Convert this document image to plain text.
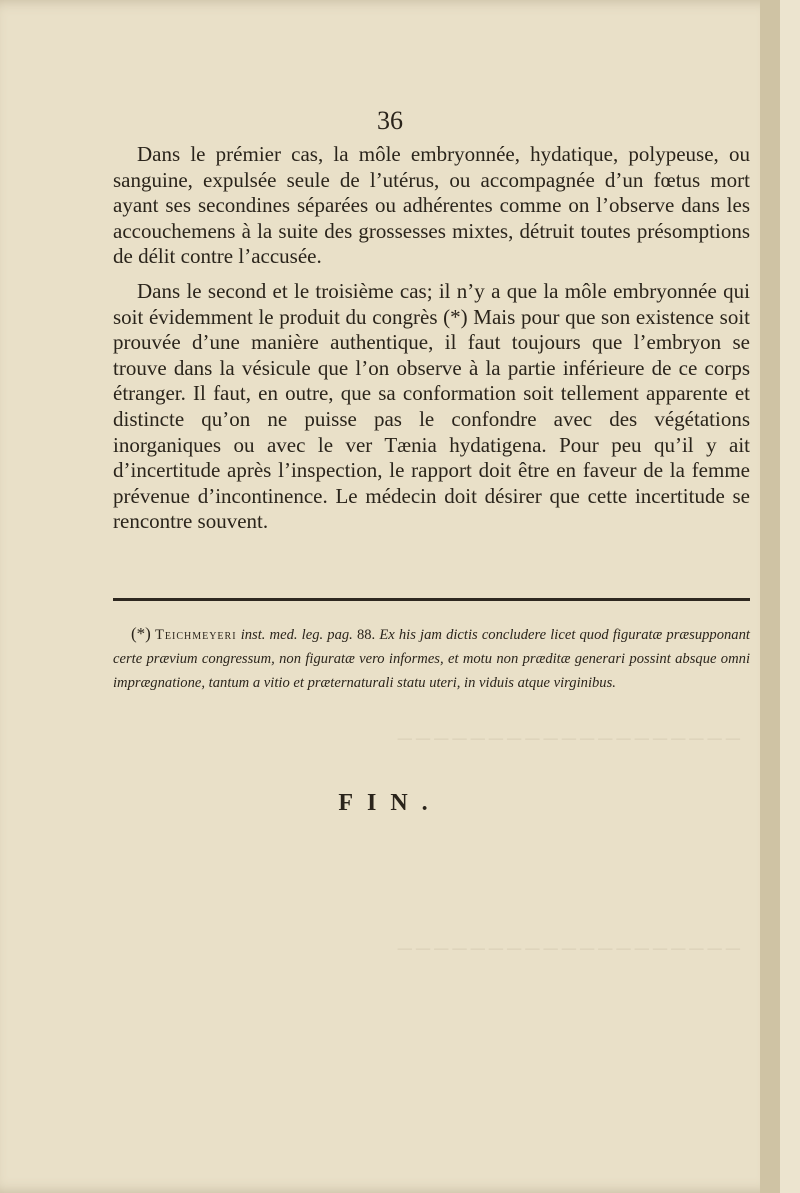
36

Dans le prémier cas, la môle embryonnée, hydatique, polypeuse, ou sanguine, expulsée seule de l’utérus, ou accompagnée d’un fœtus mort ayant ses secondines séparées ou adhérentes comme on l’observe dans les accouchemens à la suite des grossesses mixtes, détruit toutes présomptions de délit contre l’accusée.

Dans le second et le troisième cas; il n’y a que la môle embryonnée qui soit évidemment le produit du congrès (*) Mais pour que son existence soit prouvée d’une manière authentique, il faut toujours que l’embryon se trouve dans la vésicule que l’on observe à la partie inférieure de ce corps étranger. Il faut, en outre, que sa conformation soit tellement apparente et distincte qu’on ne puisse pas le confondre avec des végétations inorganiques ou avec le ver Tænia hydatigena. Pour peu qu’il y ait d’incertitude après l’inspection, le rapport doit être en faveur de la femme prévenue d’incontinence. Le médecin doit désirer que cette incertitude se rencontre souvent.

(*) Teichmeyeri inst. med. leg. pag. 88. Ex his jam dictis concludere licet quod figuratæ præsupponant certe prævium congressum, non figuratæ vero informes, et motu non præditæ generari possint absque omni imprægnatione, tantum a vitio et præternaturali statu uteri, in viduis atque virginibus.
FIN.
— — — — — — — — — — — — — — — — — — —
— — — — — — — — — — — — — — — — — — —
